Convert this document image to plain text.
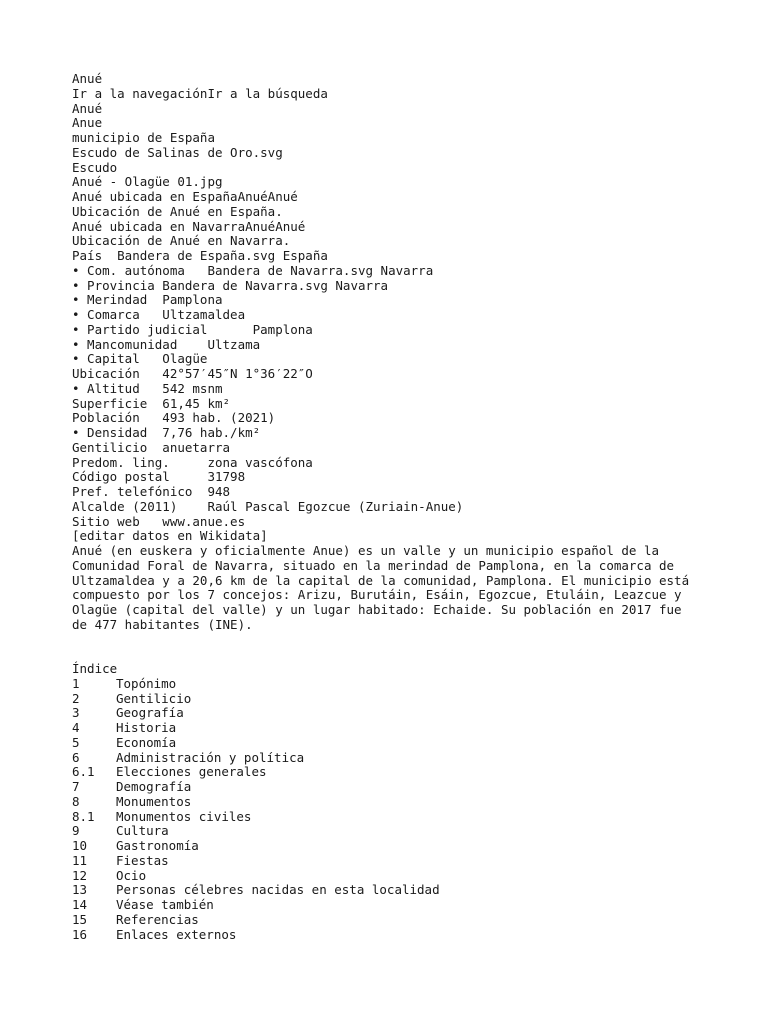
Anué
Ir a la navegaciónIr a la búsqueda
Anué
Anue
municipio de España
Escudo de Salinas de Oro.svg
Escudo
Anué - Olagüe 01.jpg
Anué ubicada en EspañaAnuéAnué
Ubicación de Anué en España.
Anué ubicada en NavarraAnuéAnué
Ubicación de Anué en Navarra.
País  Bandera de España.svg España
• Com. autónoma   Bandera de Navarra.svg Navarra
• Provincia Bandera de Navarra.svg Navarra
• Merindad  Pamplona
• Comarca   Ultzamaldea
• Partido judicial      Pamplona
• Mancomunidad    Ultzama
• Capital   Olagüe
Ubicación   42°57′45″N 1°36′22″O
• Altitud   542 msnm
Superficie  61,45 km²
Población   493 hab. (2021)
• Densidad  7,76 hab./km²
Gentilicio  anuetarra
Predom. ling.     zona vascófona
Código postal     31798
Pref. telefónico  948
Alcalde (2011)    Raúl Pascal Egozcue (Zuriain-Anue)
Sitio web   www.anue.es
[editar datos en Wikidata]
Anué (en euskera y oficialmente Anue) es un valle y un municipio español de la
Comunidad Foral de Navarra, situado en la merindad de Pamplona, en la comarca de
Ultzamaldea y a 20,6 km de la capital de la comunidad, Pamplona. El municipio está
compuesto por los 7 concejos: Arizu, Burutáin, Esáin, Egozcue, Etuláin, Leazcue y
Olagüe (capital del valle) y un lugar habitado: Echaide. Su población en 2017 fue
de 477 habitantes (INE).
Índice
1	Topónimo
2	Gentilicio
3	Geografía
4	Historia
5	Economía
6	Administración y política
6.1 Elecciones generales
7	Demografía
8	Monumentos
8.1 Monumentos civiles
9	Cultura
10 Gastronomía
11 Fiestas
12 Ocio
13 Personas célebres nacidas en esta localidad
14 Véase también
15 Referencias
16 Enlaces externos
